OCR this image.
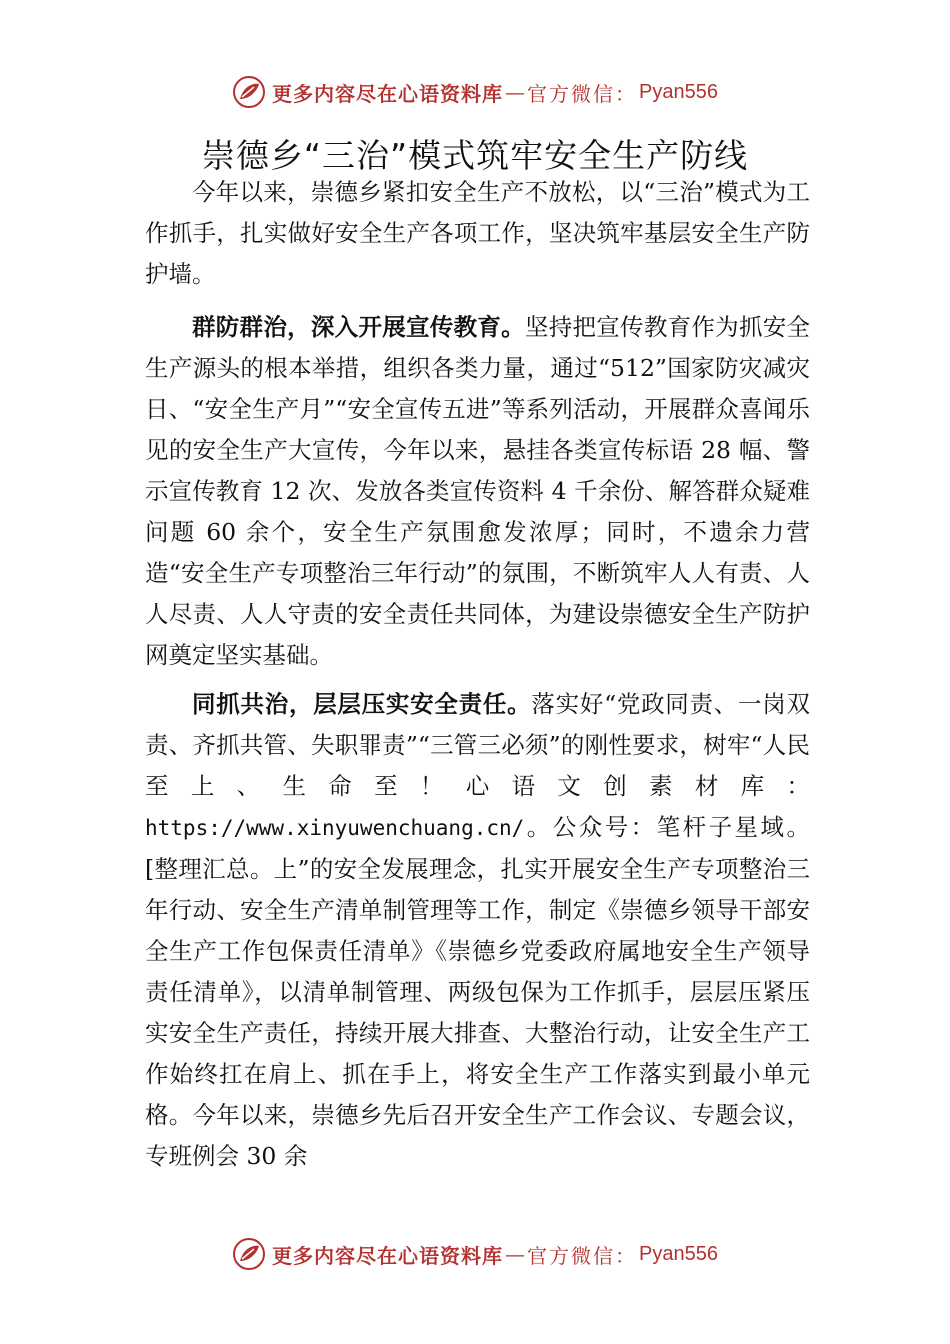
更多内容尽在心语资料库 — 官方微信： Pyan556
崇德乡“三治”模式筑牢安全生产防线

今年以来，崇德乡紧扣安全生产不放松，以“三治”模式为工作抓手，扎实做好安全生产各项工作，坚决筑牢基层安全生产防护墙。

群防群治，深入开展宣传教育。坚持把宣传教育作为抓安全生产源头的根本举措，组织各类力量，通过“512”国家防灾减灾日、“安全生产月”“安全宣传五进”等系列活动，开展群众喜闻乐见的安全生产大宣传，今年以来，悬挂各类宣传标语 28 幅、警示宣传教育 12 次、发放各类宣传资料 4 千余份、解答群众疑难问题 60 余个，安全生产氛围愈发浓厚；同时，不遗余力营造“安全生产专项整治三年行动”的氛围，不断筑牢人人有责、人人尽责、人人守责的安全责任共同体，为建设崇德安全生产防护网奠定坚实基础。

同抓共治，层层压实安全责任。落实好“党政同责、一岗双责、齐抓共管、失职罪责”“三管三必须”的刚性要求，树牢“人民至上、生命至！心语文创素材库：https://www.xinyuwenchuang.cn/。公众号：笔杆子星域。[整理汇总。上”的安全发展理念，扎实开展安全生产专项整治三年行动、安全生产清单制管理等工作，制定《崇德乡领导干部安全生产工作包保责任清单》《崇德乡党委政府属地安全生产领导责任清单》，以清单制管理、两级包保为工作抓手，层层压紧压实安全生产责任，持续开展大排查、大整治行动，让安全生产工作始终扛在肩上、抓在手上，将安全生产工作落实到最小单元格。今年以来，崇德乡先后召开安全生产工作会议、专题会议，专班例会 30 余

更多内容尽在心语资料库 — 官方微信： Pyan556
